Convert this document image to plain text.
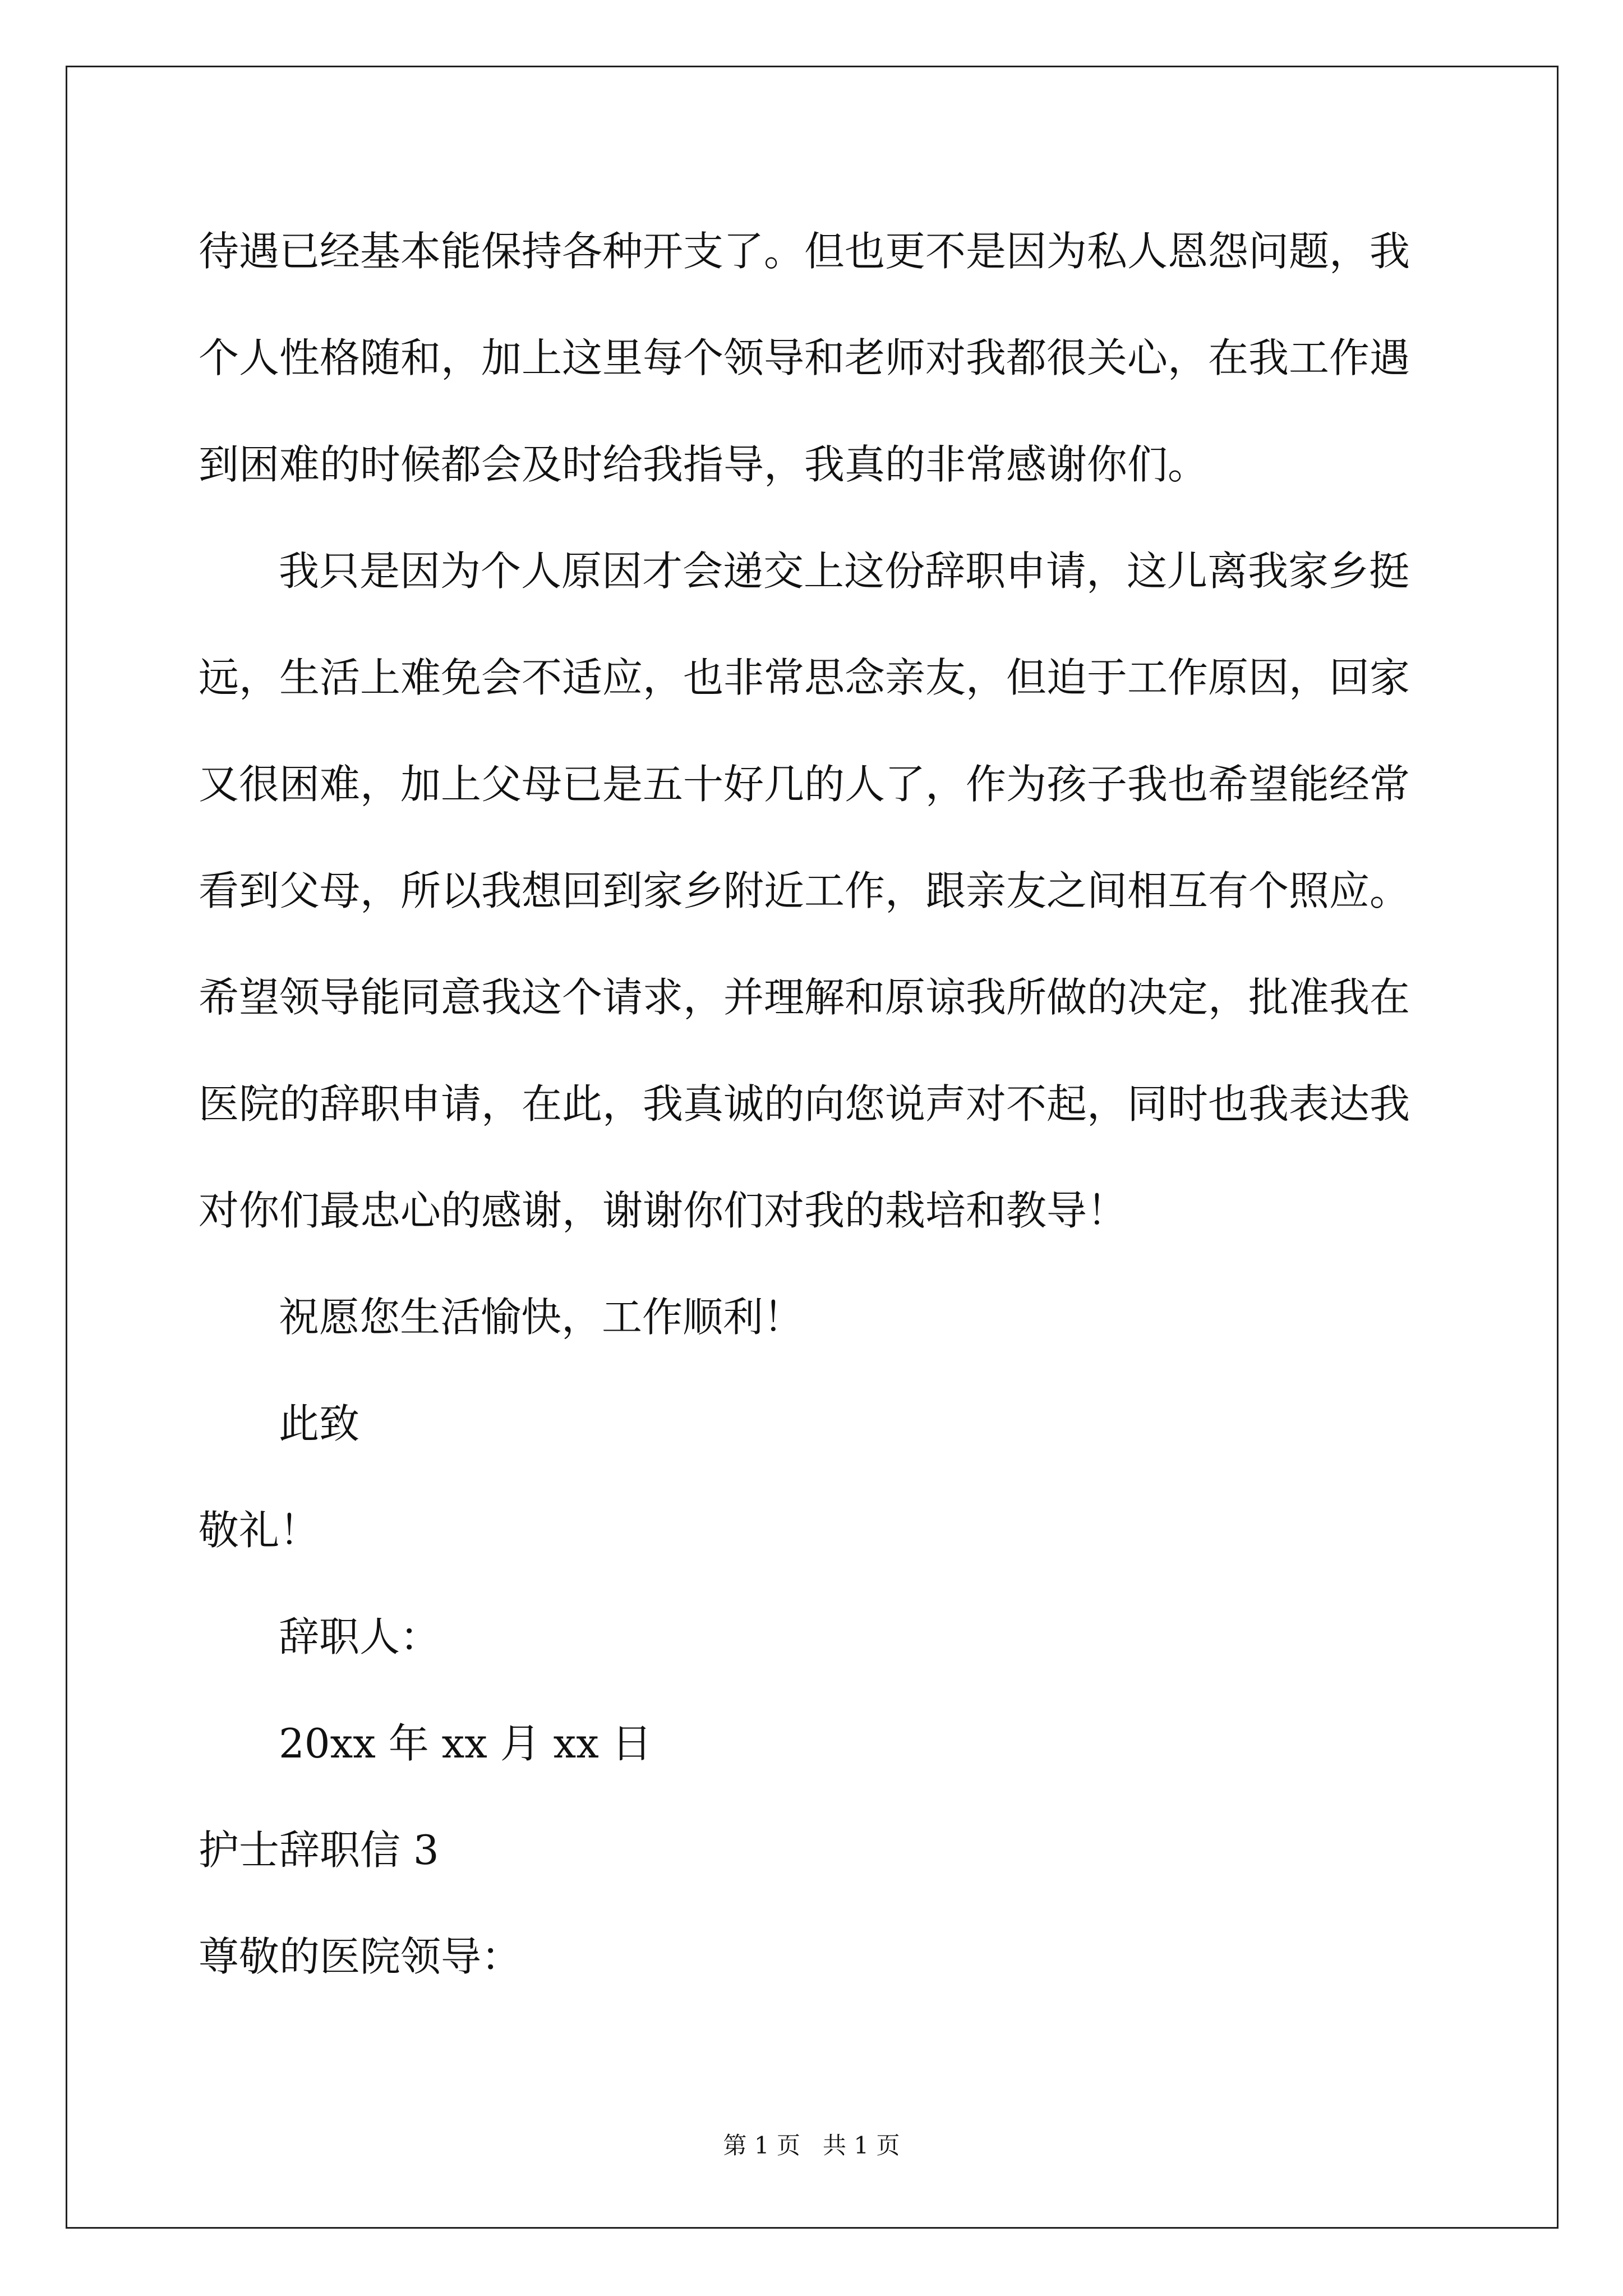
待遇已经基本能保持各种开支了。但也更不是因为私人恩怨问题，我
个人性格随和，加上这里每个领导和老师对我都很关心，在我工作遇
到困难的时候都会及时给我指导，我真的非常感谢你们。
我只是因为个人原因才会递交上这份辞职申请，这儿离我家乡挺
远，生活上难免会不适应，也非常思念亲友，但迫于工作原因，回家
又很困难，加上父母已是五十好几的人了，作为孩子我也希望能经常
看到父母，所以我想回到家乡附近工作，跟亲友之间相互有个照应。
希望领导能同意我这个请求，并理解和原谅我所做的决定，批准我在
医院的辞职申请，在此，我真诚的向您说声对不起，同时也我表达我
对你们最忠心的感谢，谢谢你们对我的栽培和教导！
祝愿您生活愉快，工作顺利！
此致
敬礼！
辞职人：
20xx 年 xx 月 xx 日
护士辞职信 3
尊敬的医院领导：
第 1 页   共 1 页
